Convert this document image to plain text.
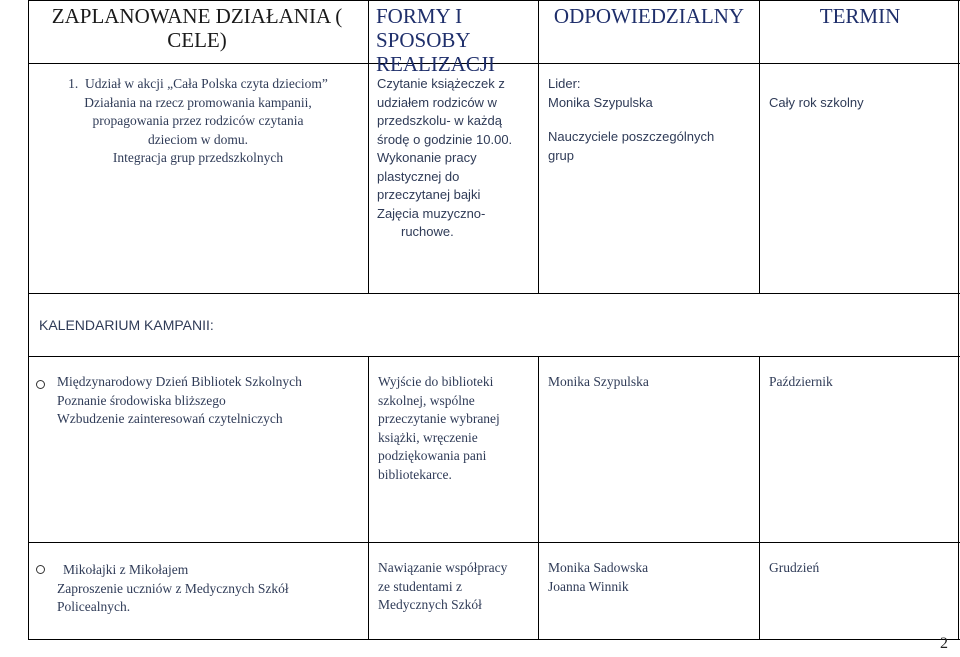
ZAPLANOWANE DZIAŁANIA ( CELE)
FORMY I SPOSOBY REALIZACJI
ODPOWIEDZIALNY	TERMIN
1.  Udział w akcji „Cała Polska czyta dzieciom”
Działania na rzecz promowania kampanii,
propagowania przez rodziców czytania
dzieciom w domu.
Integracja grup przedszkolnych
Czytanie książeczek z
udziałem rodziców w
przedszkolu- w każdą
środę o godzinie 10.00.
Wykonanie pracy
plastycznej do
przeczytanej bajki
Zajęcia muzyczno-
ruchowe.
Lider:
Monika Szypulska
Nauczyciele poszczególnych
grup
Cały rok szkolny
KALENDARIUM KAMPANII:
Międzynarodowy Dzień Bibliotek Szkolnych
Poznanie środowiska bliższego
Wzbudzenie zainteresowań czytelniczych
Wyjście do biblioteki
szkolnej, wspólne
przeczytanie wybranej
książki, wręczenie
podziękowania pani
bibliotekarce.
Monika Szypulska	Październik
Mikołajki z Mikołajem
Zaproszenie uczniów z Medycznych Szkół
Policealnych.
Nawiązanie współpracy
ze studentami z
Medycznych Szkół
Monika Sadowska
Joanna Winnik
Grudzień
2
